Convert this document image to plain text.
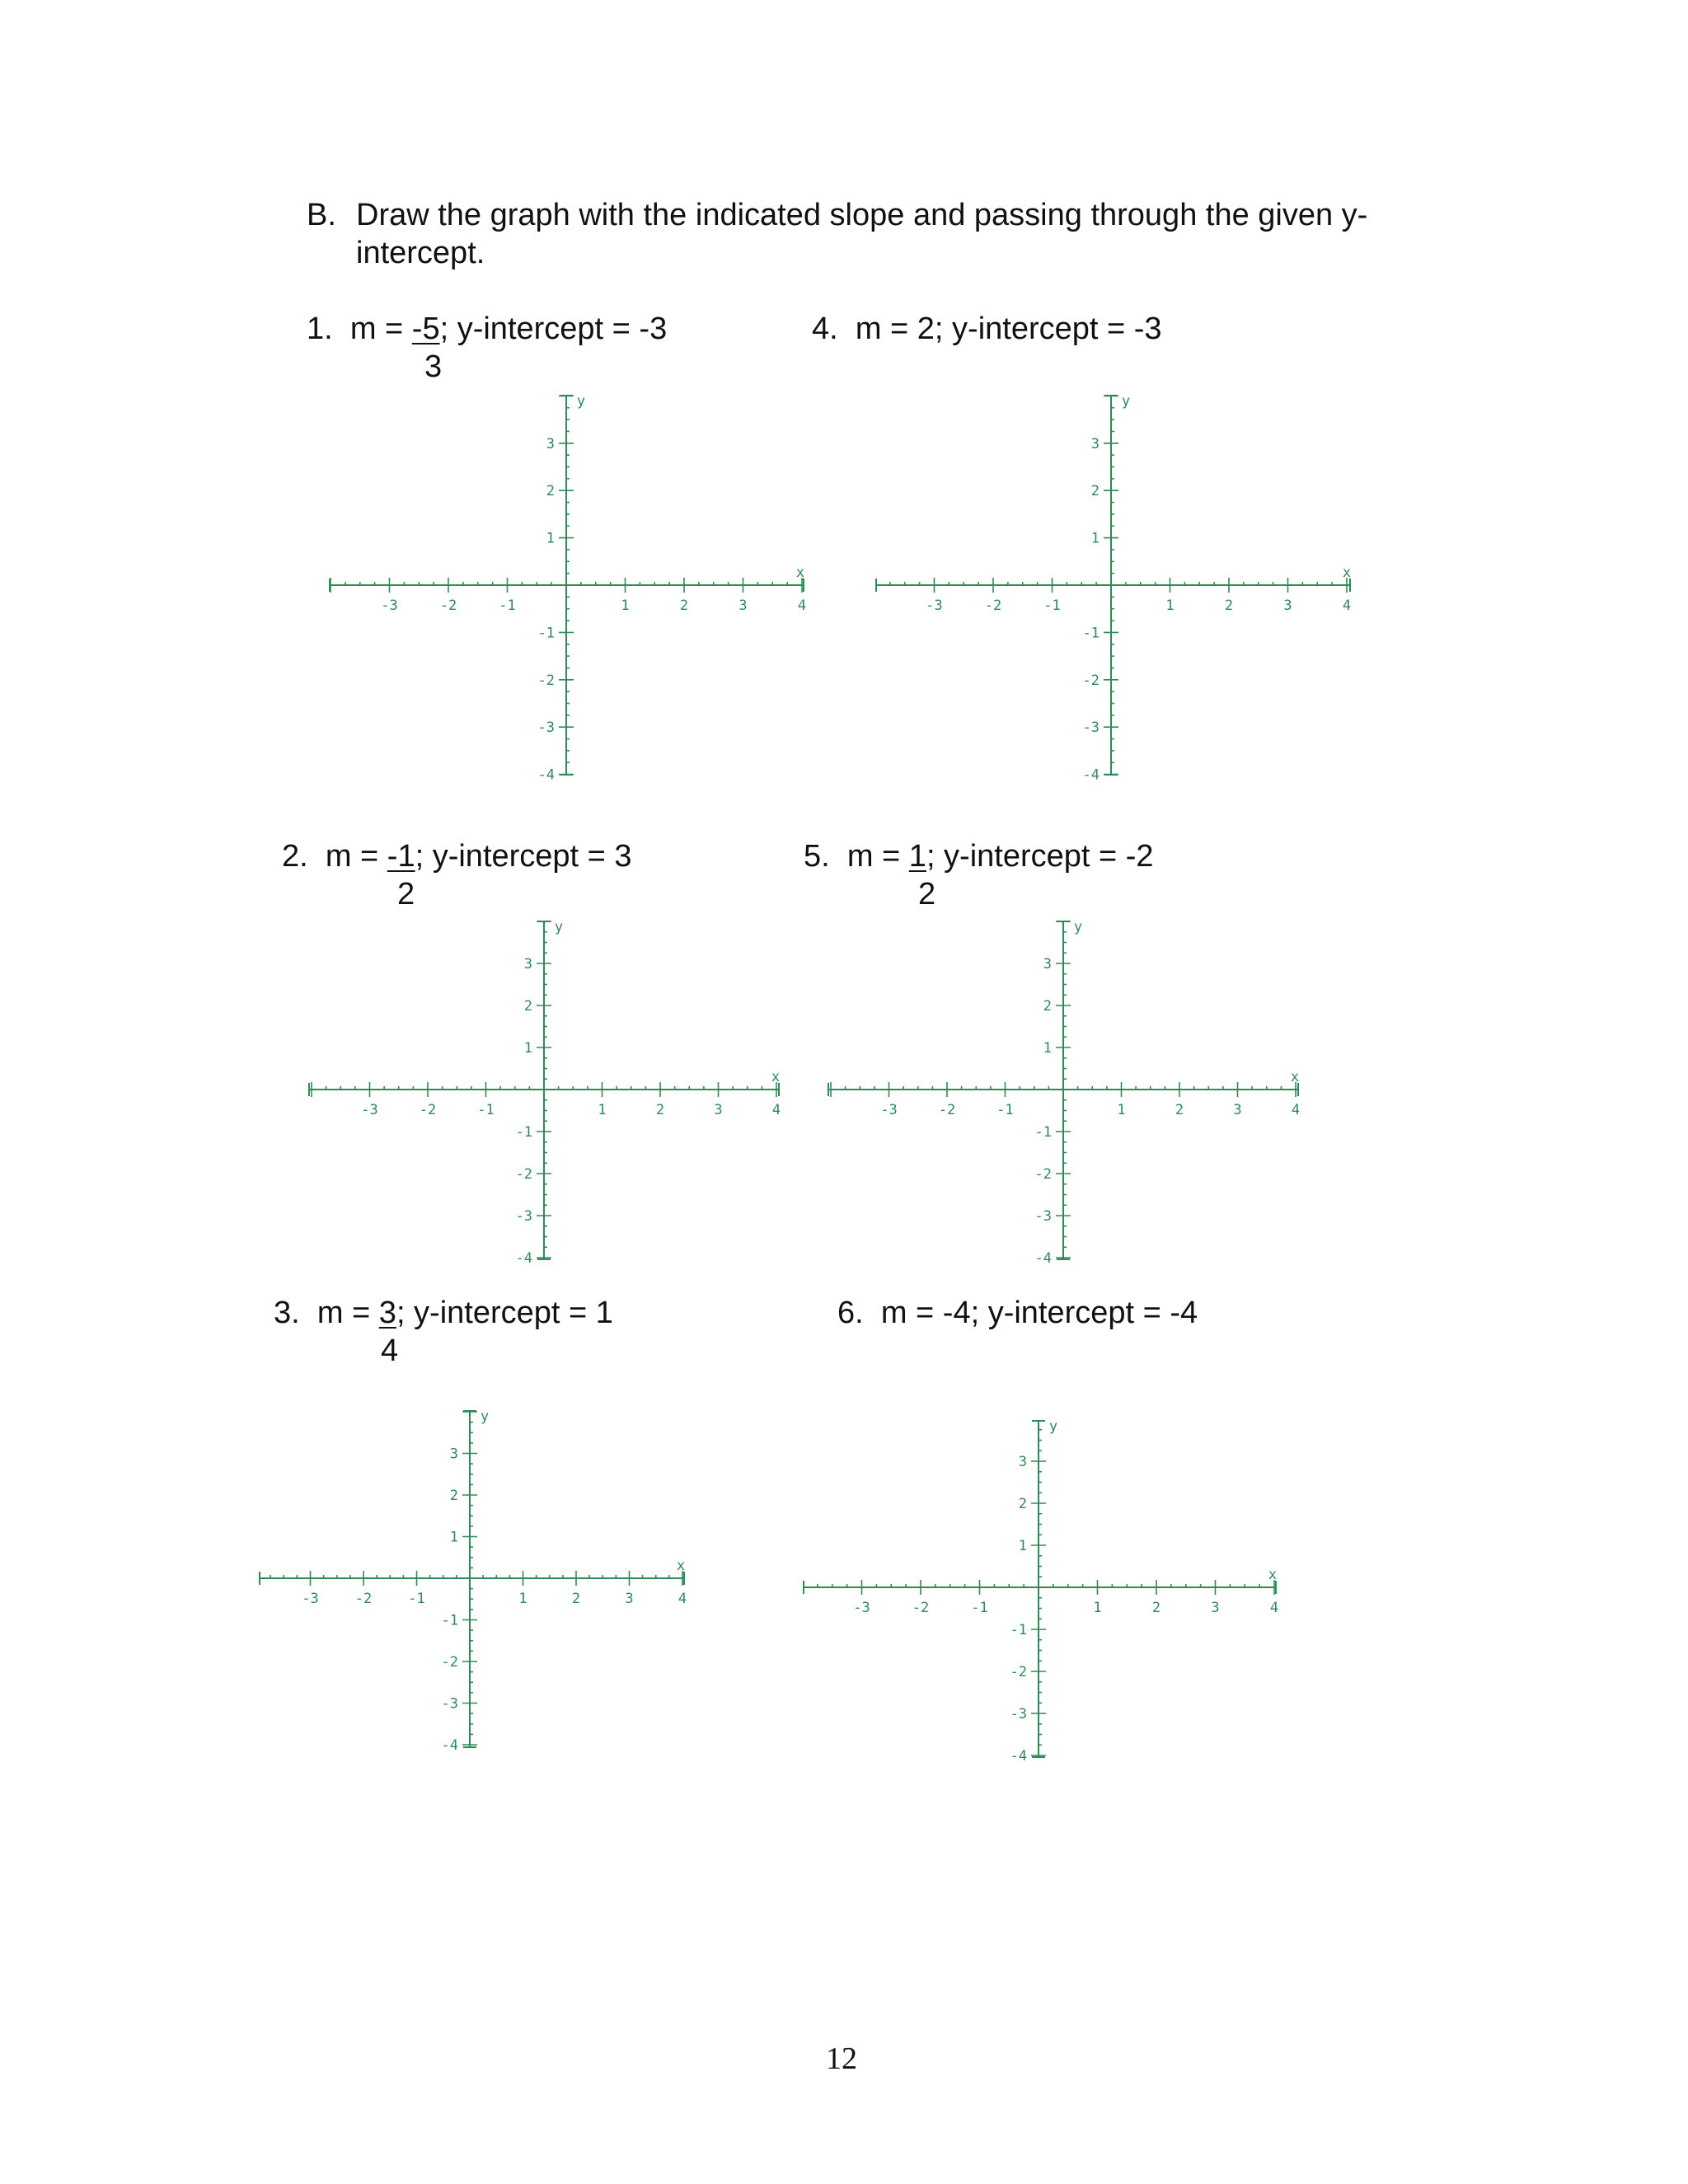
B. Draw the graph with the indicated slope and passing through the given y-
intercept.
1. m = -5; y-intercept = -3
3
4. m = 2; y-intercept = -3
2. m = -1; y-intercept = 3
2
5. m = 1; y-intercept = -2
2
3. m = 3; y-intercept = 1
4
6. m = -4; y-intercept = -4
-3	-2	-1	1	2	3	4
3
2
1
-1
-2
-3
-4
x
y
-3	-2	-1	1	2	3	4
3
2
1
-1
-2
-3
-4
x
y
-3	-2	-1	1	2	3	4
3
2
1
-1
-2
-3
-4
x
y
-3	-2	-1	1	2	3	4
3
2
1
-1
-2
-3
-4
x
y
-3	-2	-1	1	2	3	4
3
2
1
-1
-2
-3
-4
x
y
-3	-2	-1	1	2	3	4
3
2
1
-1
-2
-3
-4
x
y
12
